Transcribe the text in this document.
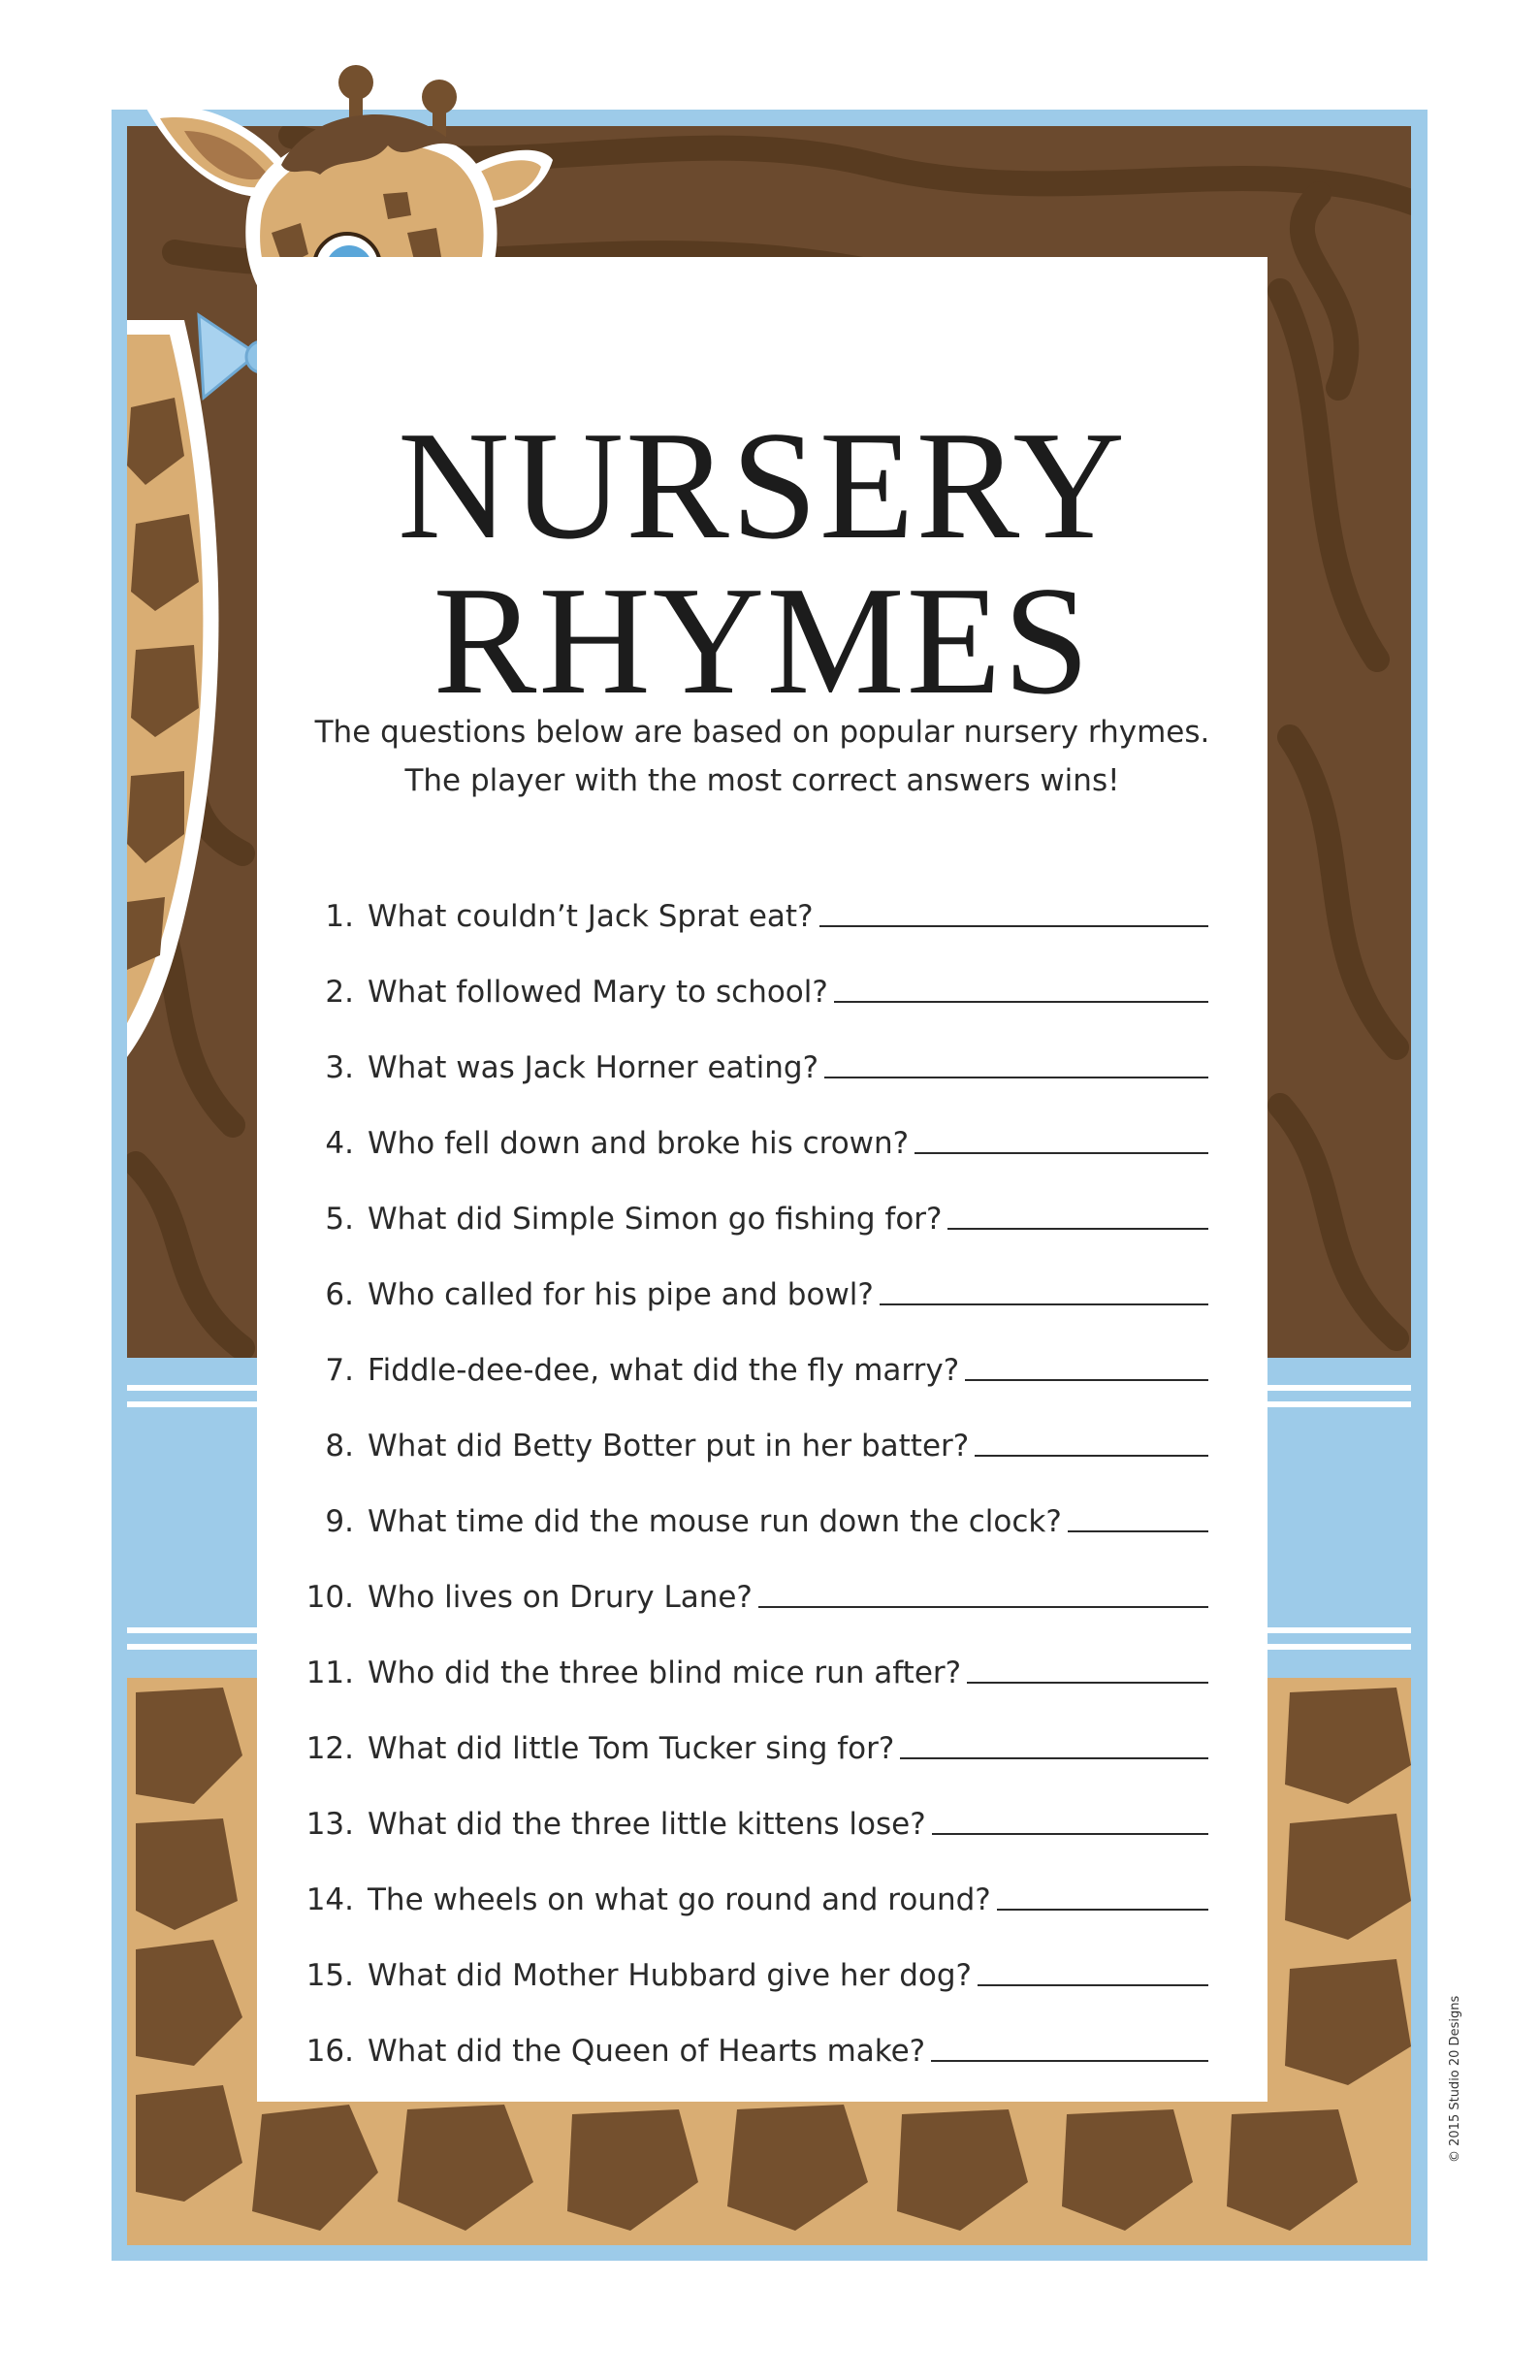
NURSERY
RHYMES
The questions below are based on popular nursery rhymes. The player with the most correct answers wins!
1. What couldn’t Jack Sprat eat?
2. What followed Mary to school?
3. What was Jack Horner eating?
4. Who fell down and broke his crown?
5. What did Simple Simon go fishing for?
6. Who called for his pipe and bowl?
7. Fiddle-dee-dee, what did the fly marry?
8. What did Betty Botter put in her batter?
9. What time did the mouse run down the clock?
10. Who lives on Drury Lane?
11. Who did the three blind mice run after?
12. What did little Tom Tucker sing for?
13. What did the three little kittens lose?
14. The wheels on what go round and round?
15. What did Mother Hubbard give her dog?
16. What did the Queen of Hearts make?	© 2015 Studio 20 Designs
